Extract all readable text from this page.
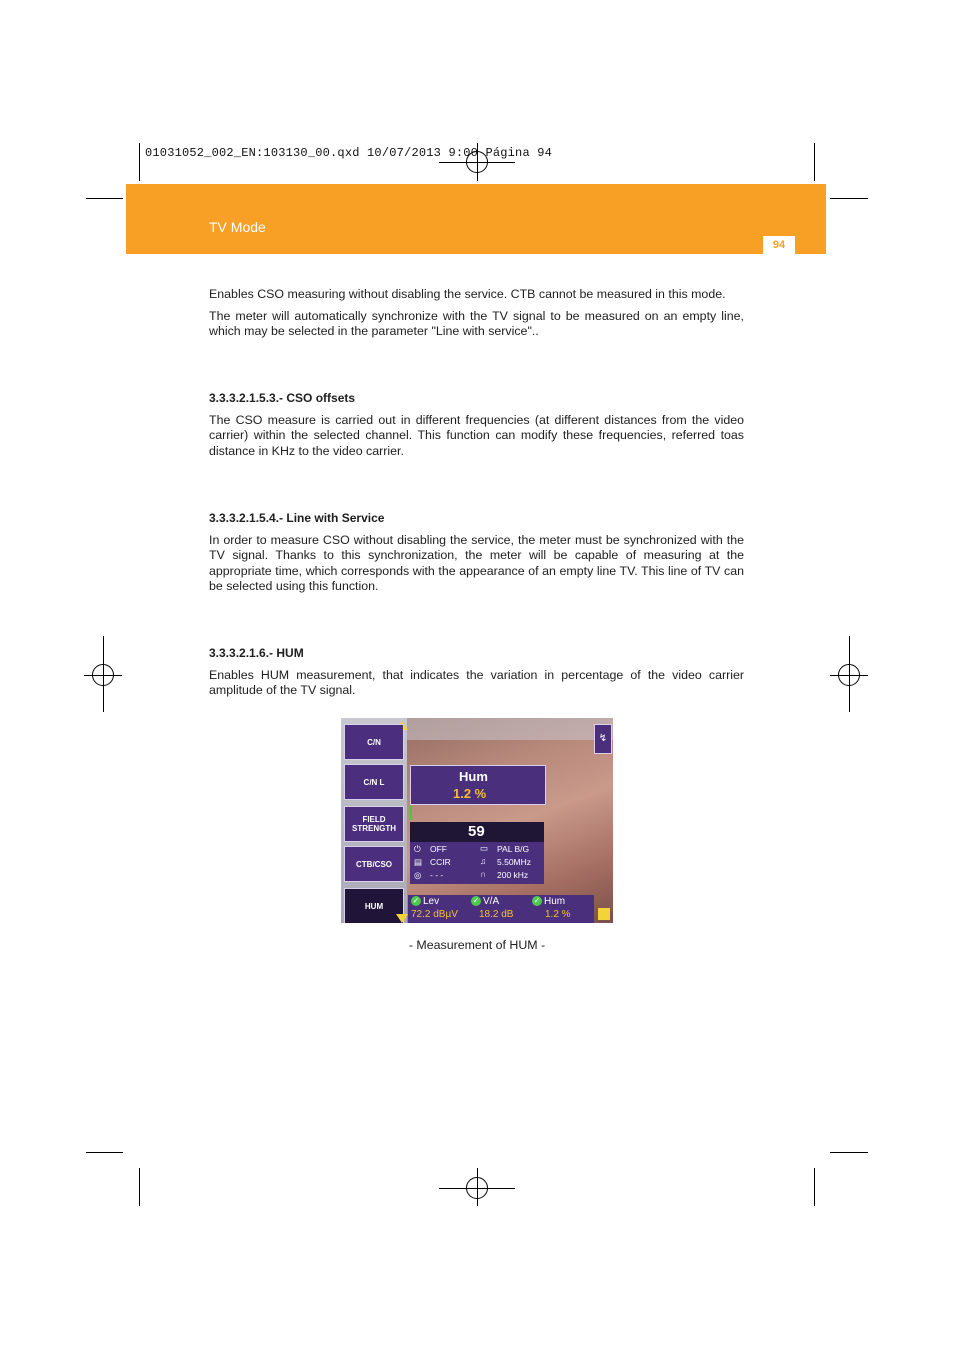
01031052_002_EN:103130_00.qxd 10/07/2013 9:00 Página 94
TV Mode
94
Enables CSO measuring without disabling the service. CTB cannot be measured in this mode.
The meter will automatically synchronize with the TV signal to be measured on an empty line, which may be selected in the parameter "Line with service"..
3.3.3.2.1.5.3.- CSO offsets
The CSO measure is carried out in different frequencies (at different distances from the video carrier) within the selected channel. This function can modify these frequencies, referred toas distance in KHz to the video carrier.
3.3.3.2.1.5.4.- Line with Service
In order to measure CSO without disabling the service, the meter must be synchronized with the TV signal. Thanks to this synchronization, the meter will be capable of measuring at the appropriate time, which corresponds with the appearance of an empty line TV. This line of TV can be selected using this function.
3.3.3.2.1.6.- HUM
Enables HUM measurement, that indicates the variation in percentage of the video carrier amplitude of the TV signal.
C/N
C/N L
FIELD STRENGTH
CTB/CSO
HUM
↯
Hum
1.2 %
59
⏻ OFF	▭ PAL B/G
▤ CCIR	♫ 5.50MHz
◎ - - -	∩ 200 kHz
✓ Lev
72.2 dBµV
✓ V/A
18.2 dB
✓ Hum
1.2 %
- Measurement of HUM -
